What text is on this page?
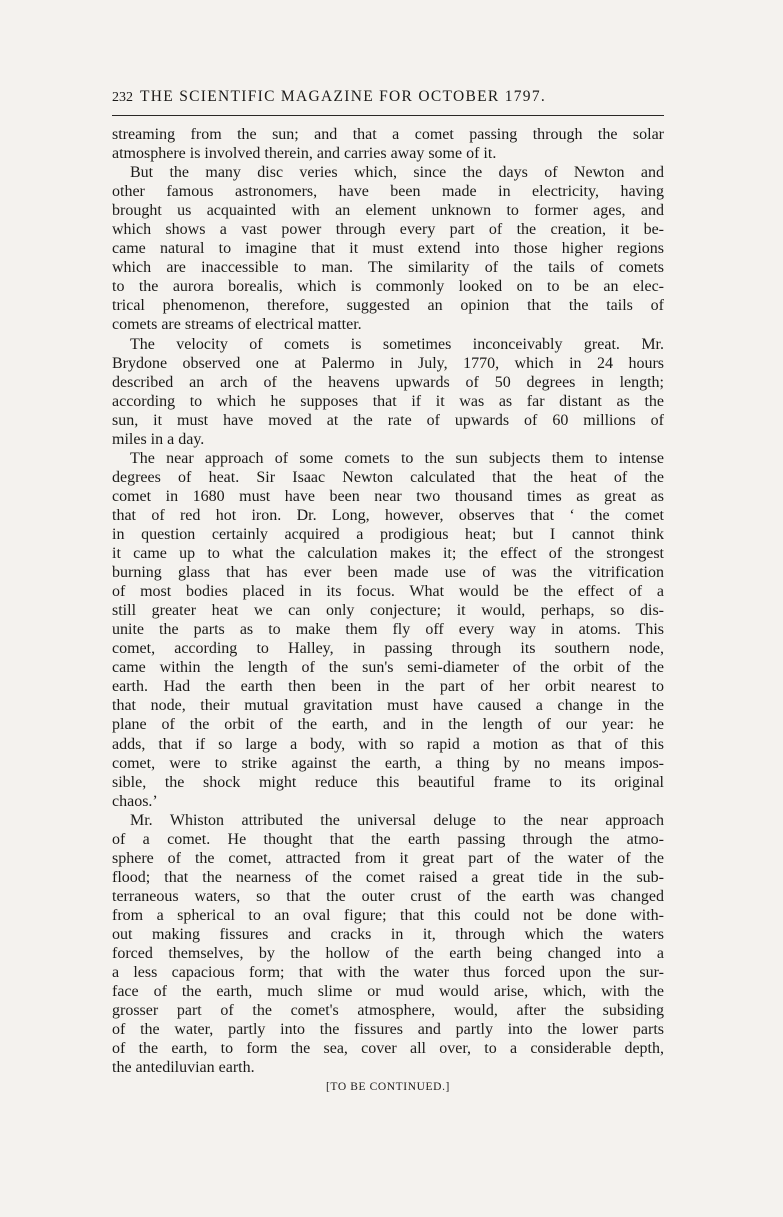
232 THE SCIENTIFIC MAGAZINE FOR OCTOBER 1797.
streaming from the sun; and that a comet passing through the solar
atmosphere is involved therein, and carries away some of it.
But the many disc veries which, since the days of Newton and
other famous astronomers, have been made in electricity, having
brought us acquainted with an element unknown to former ages, and
which shows a vast power through every part of the creation, it be-
came natural to imagine that it must extend into those higher regions
which are inaccessible to man. The similarity of the tails of comets
to the aurora borealis, which is commonly looked on to be an elec-
trical phenomenon, therefore, suggested an opinion that the tails of
comets are streams of electrical matter.
The velocity of comets is sometimes inconceivably great. Mr.
Brydone observed one at Palermo in July, 1770, which in 24 hours
described an arch of the heavens upwards of 50 degrees in length;
according to which he supposes that if it was as far distant as the
sun, it must have moved at the rate of upwards of 60 millions of
miles in a day.
The near approach of some comets to the sun subjects them to intense
degrees of heat. Sir Isaac Newton calculated that the heat of the
comet in 1680 must have been near two thousand times as great as
that of red hot iron. Dr. Long, however, observes that ‘ the comet
in question certainly acquired a prodigious heat; but I cannot think
it came up to what the calculation makes it; the effect of the strongest
burning glass that has ever been made use of was the vitrification
of most bodies placed in its focus. What would be the effect of a
still greater heat we can only conjecture; it would, perhaps, so dis-
unite the parts as to make them fly off every way in atoms. This
comet, according to Halley, in passing through its southern node,
came within the length of the sun's semi-diameter of the orbit of the
earth. Had the earth then been in the part of her orbit nearest to
that node, their mutual gravitation must have caused a change in the
plane of the orbit of the earth, and in the length of our year: he
adds, that if so large a body, with so rapid a motion as that of this
comet, were to strike against the earth, a thing by no means impos-
sible, the shock might reduce this beautiful frame to its original
chaos.’
Mr. Whiston attributed the universal deluge to the near approach
of a comet. He thought that the earth passing through the atmo-
sphere of the comet, attracted from it great part of the water of the
flood; that the nearness of the comet raised a great tide in the sub-
terraneous waters, so that the outer crust of the earth was changed
from a spherical to an oval figure; that this could not be done with-
out making fissures and cracks in it, through which the waters
forced themselves, by the hollow of the earth being changed into a
a less capacious form; that with the water thus forced upon the sur-
face of the earth, much slime or mud would arise, which, with the
grosser part of the comet's atmosphere, would, after the subsiding
of the water, partly into the fissures and partly into the lower parts
of the earth, to form the sea, cover all over, to a considerable depth,
the antediluvian earth.
[TO BE CONTINUED.]
